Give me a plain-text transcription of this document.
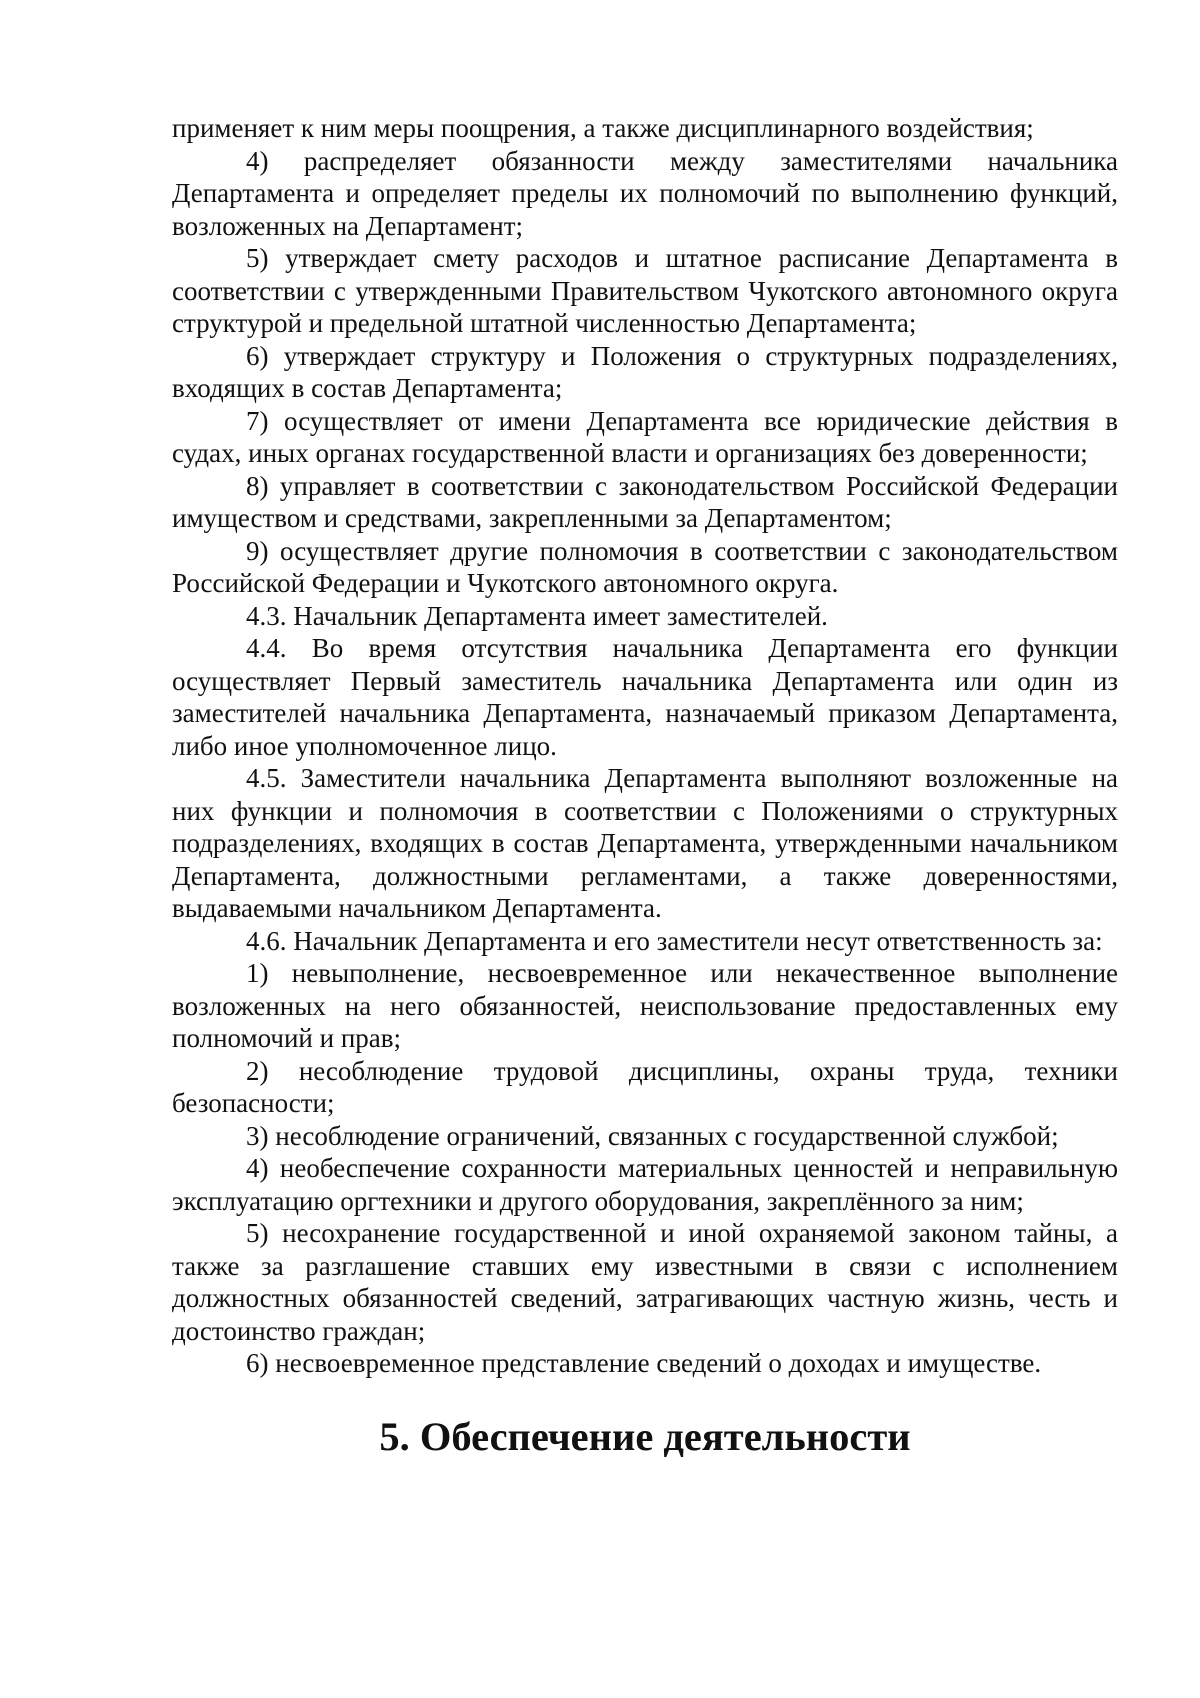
применяет к ним меры поощрения, а также дисциплинарного воздействия;

4) распределяет обязанности между заместителями начальника Департамента и определяет пределы их полномочий по выполнению функций, возложенных на Департамент;

5) утверждает смету расходов и штатное расписание Департамента в соответствии с утвержденными Правительством Чукотского автономного округа структурой и предельной штатной численностью Департамента;

6) утверждает структуру и Положения о структурных подразделениях, входящих в состав Департамента;

7) осуществляет от имени Департамента все юридические действия в судах, иных органах государственной власти и организациях без доверенности;

8) управляет в соответствии с законодательством Российской Федерации имуществом и средствами, закрепленными за Департаментом;

9) осуществляет другие полномочия в соответствии с законодательством Российской Федерации и Чукотского автономного округа.

4.3. Начальник Департамента имеет заместителей.

4.4. Во время отсутствия начальника Департамента его функции осуществляет Первый заместитель начальника Департамента или один из заместителей начальника Департамента, назначаемый приказом Департамента, либо иное уполномоченное лицо.

4.5. Заместители начальника Департамента выполняют возложенные на них функции и полномочия в соответствии с Положениями о структурных подразделениях, входящих в состав Департамента, утвержденными начальником Департамента, должностными регламентами, а также доверенностями, выдаваемыми начальником Департамента.

4.6. Начальник Департамента и его заместители несут ответственность за:

1) невыполнение, несвоевременное или некачественное выполнение возложенных на него обязанностей, неиспользование предоставленных ему полномочий и прав;

2) несоблюдение трудовой дисциплины, охраны труда, техники безопасности;

3) несоблюдение ограничений, связанных с государственной службой;

4) необеспечение сохранности материальных ценностей и неправильную эксплуатацию оргтехники и другого оборудования, закреплённого за ним;

5) несохранение государственной и иной охраняемой законом тайны, а также за разглашение ставших ему известными в связи с исполнением должностных обязанностей сведений, затрагивающих частную жизнь, честь и достоинство граждан;

6) несвоевременное представление сведений о доходах и имуществе.

5. Обеспечение деятельности
